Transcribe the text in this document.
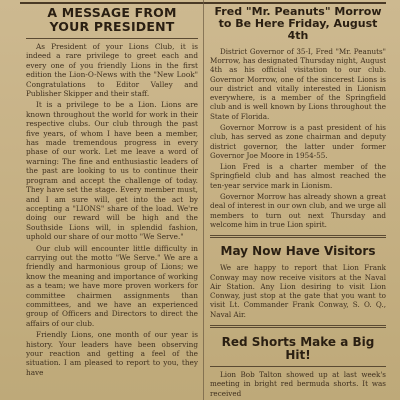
A MESSAGE FROM YOUR PRESIDENT

As President of your Lions Club, it is indeed a rare privilege to greet each and every one of you friendly Lions in the first edition the Lion-O-News with the "New Look" Congratulations to Editor Valley and Publisher Skipper and their staff.

It is a privilege to be a Lion. Lions are known throughout the world for work in their respective clubs. Our club through the past five years, of whom I have been a member, has made tremendous progress in every phase of our work. Let me leave a word of warning: The fine and enthusiastic leaders of the past are looking to us to continue their program and accept the challenge of today. They have set the stage. Every member must, and I am sure will, get into the act by accepting a "LIONS" share of the load. We're doing our reward will be high and the Southside Lions will, in splendid fashion, uphold our share of our motto "We Serve."

Our club will encounter little difficulty in carrying out the motto "We Serve." We are a friendly and harmonious group of Lions; we know the meaning and importance of working as a team; we have more proven workers for committee chairmen assignments than committees, and we have an experienced group of Officers and Directors to direct the affairs of our club.

Friendly Lions, one month of our year is history. Your leaders have been observing your reaction and getting a feel of the situation. I am pleased to report to you, they have

Fred "Mr. Peanuts" Morrow to Be Here Friday, August 4th

District Governor of 35-I, Fred "Mr. Peanuts" Morrow, has designated Thursday night, August 4th as his official visitation to our club. Governor Morrow, one of the sincerest Lions is our district and vitally interested in Lionism everywhere, is a member of the Springfield club and is well known by Lions throughout the State of Florida.

Governor Morrow is a past president of his club, has served as zone chairman and deputy district governor, the latter under former Governor Joe Moore in 1954-55.

Lion Fred is a charter member of the Springfield club and has almost reached the ten-year service mark in Lionism.

Governor Morrow has already shown a great deal of interest in our own club, and we urge all members to turn out next Thursday and welcome him in true Lion spirit.

May Now Have Visitors

We are happy to report that Lion Frank Conway may now receive visitors at the Naval Air Station. Any Lion desiring to visit Lion Conway, just stop at the gate that you want to visit Lt. Commander Frank Conway, S. O. Q., Naval Air.

Red Shorts Make a Big Hit!

Lion Bob Talton showed up at last week's meeting in bright red bermuda shorts. It was received
